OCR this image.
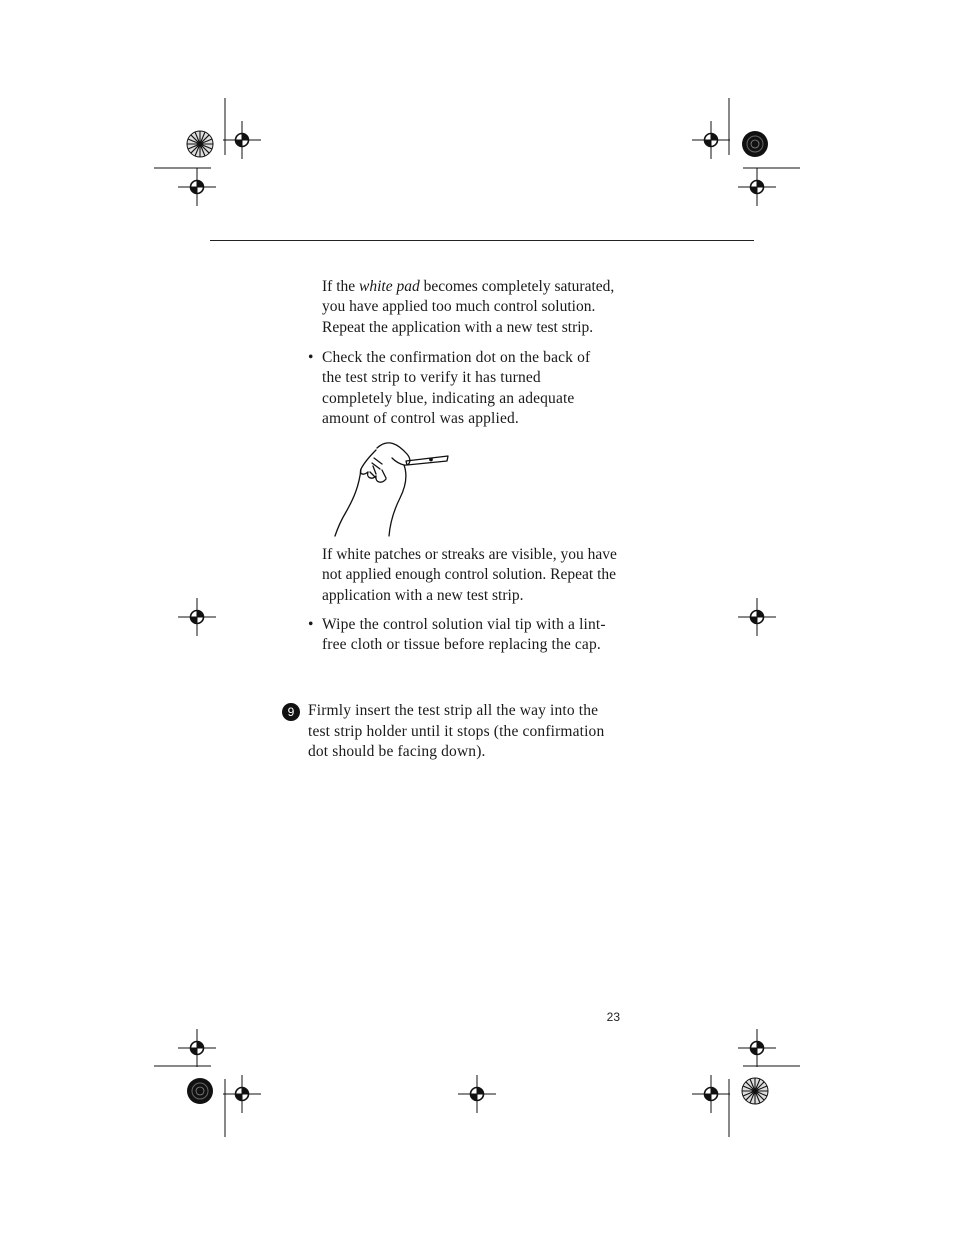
If the white pad becomes completely saturated, you have applied too much control solution. Repeat the application with a new test strip.

• Check the confirmation dot on the back of the test strip to verify it has turned completely blue, indicating an adequate amount of control was applied.

If white patches or streaks are visible, you have not applied enough control solution. Repeat the application with a new test strip.

• Wipe the control solution vial tip with a lint-free cloth or tissue before replacing the cap.
9 Firmly insert the test strip all the way into the test strip holder until it stops (the confirmation dot should be facing down).
23
